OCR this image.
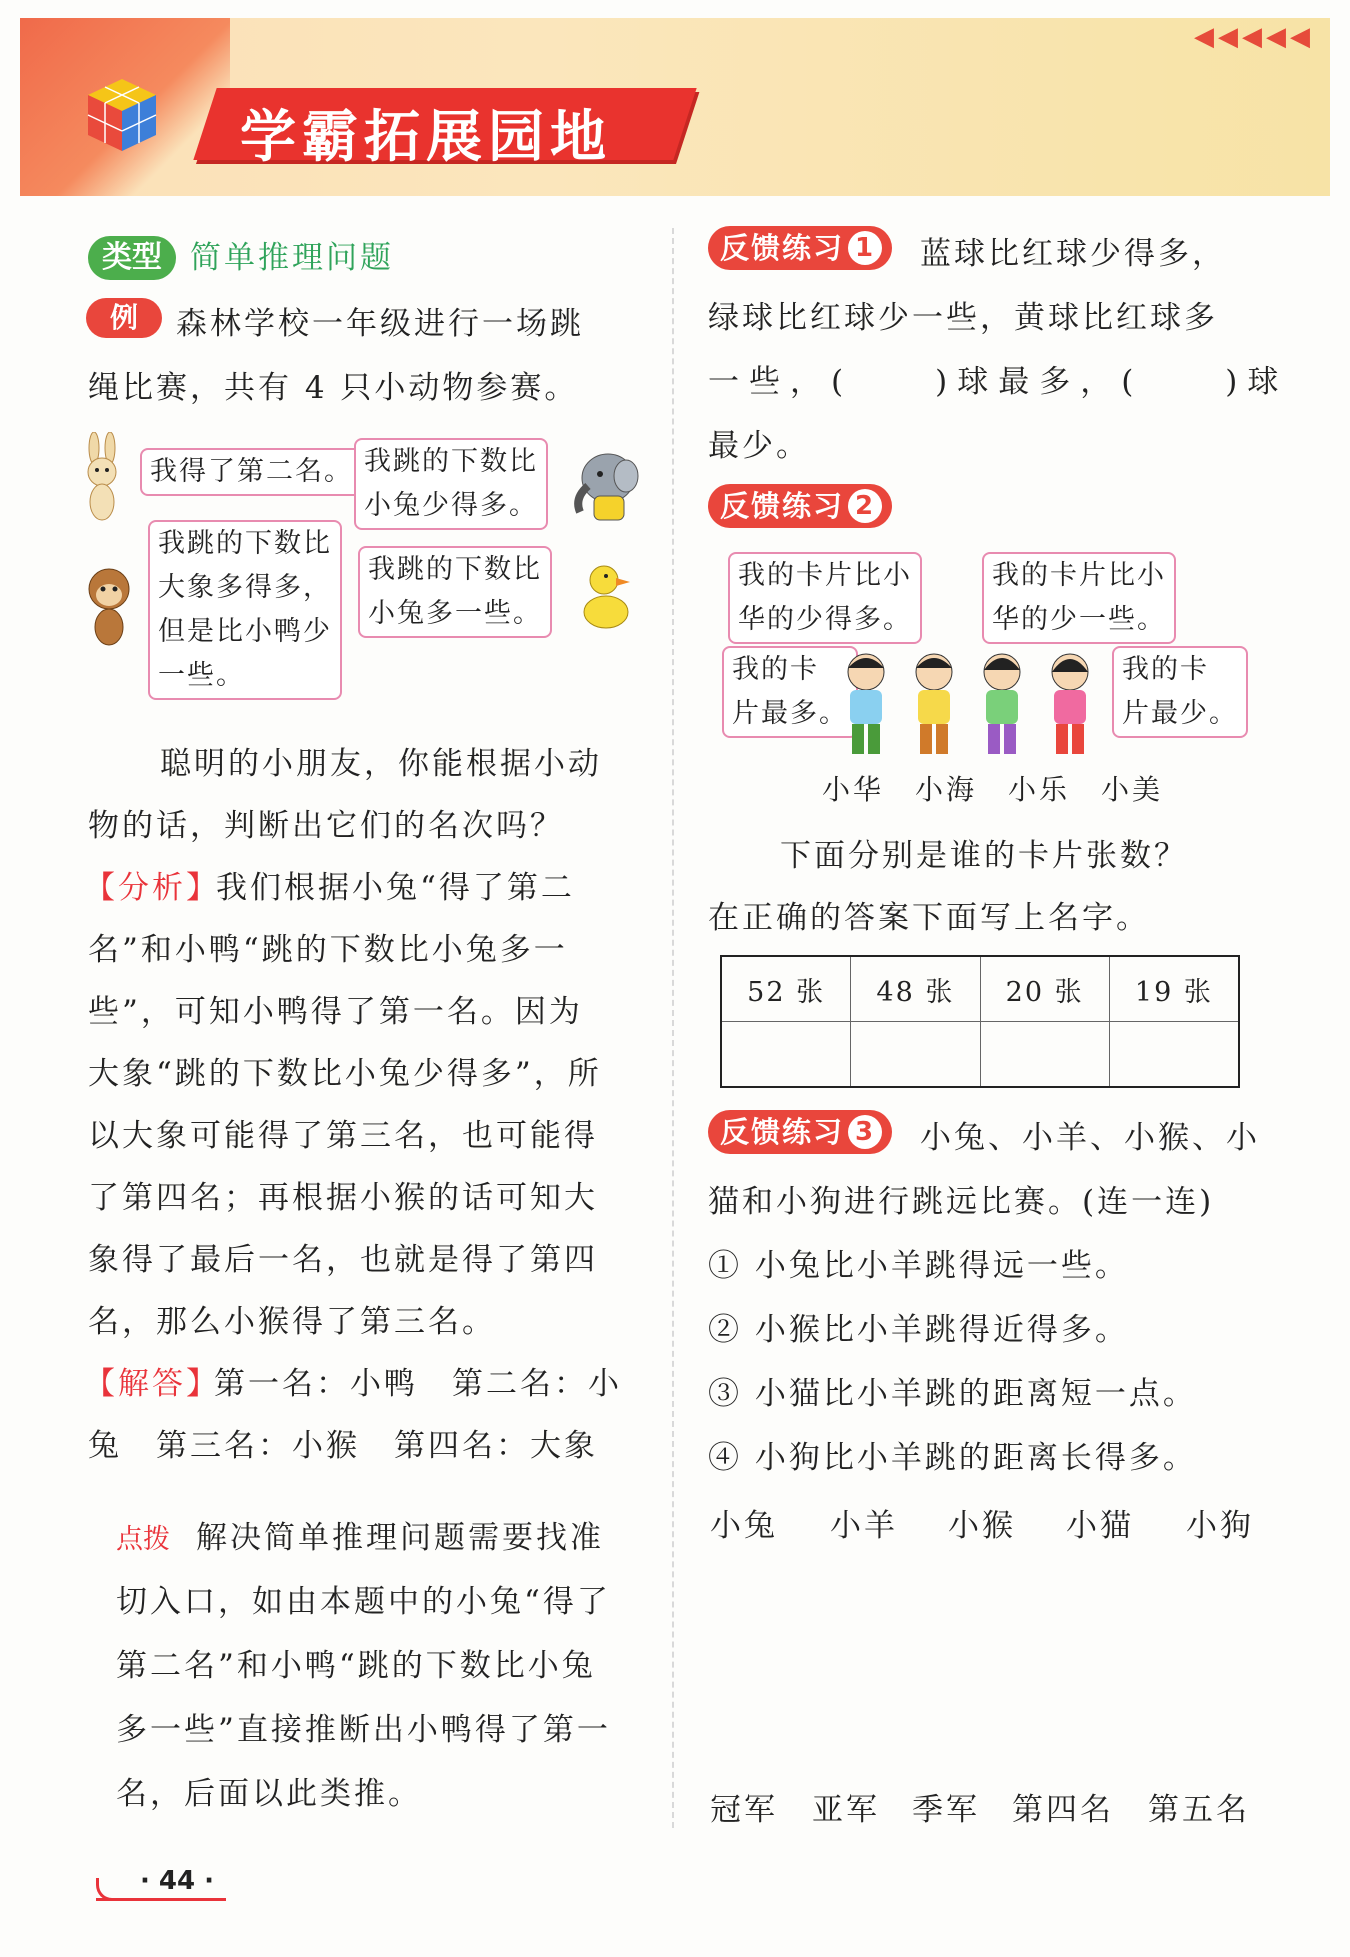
◀◀◀◀◀
学霸拓展园地
类型 简单推理问题
例	森林学校一年级进行一场跳
绳比赛，共有 4 只小动物参赛。
我得了第二名。 我跳的下数比
小兔少得多。
我跳的下数比
大象多得多，
但是比小鸭少
一些。
我跳的下数比
小兔多一些。
聪明的小朋友，你能根据小动
物的话，判断出它们的名次吗？
【分析】
我们根据小兔“得了第二
名”和小鸭“跳的下数比小兔多一
些”，可知小鸭得了第一名。因为
大象“跳的下数比小兔少得多”，所
以大象可能得了第三名，也可能得
了第四名；再根据小猴的话可知大
象得了最后一名，也就是得了第四
名，那么小猴得了第三名。
【解答】
第一名：小鸭　第二名：小
兔　第三名：小猴　第四名：大象
点拨 解决简单推理问题需要找准
切入口，如由本题中的小兔“得了
第二名”和小鸭“跳的下数比小兔
多一些”直接推断出小鸭得了第一
名，后面以此类推。
反馈练习 1	蓝球比红球少得多，
绿球比红球少一些，黄球比红球多
一些，(　　)球最多，(　　)球
最少。
反馈练习 2
我的卡片比小
华的少得多。
我的卡片比小
华的少一些。
我的卡
片最多。
我的卡
片最少。
小华　小海　小乐　小美
下面分别是谁的卡片张数？
在正确的答案下面写上名字。
52 张	48 张	20 张	19 张

反馈练习 3	小兔、小羊、小猴、小
猫和小狗进行跳远比赛。(连一连)
① 小兔比小羊跳得远一些。
② 小猴比小羊跳得近得多。
③ 小猫比小羊跳的距离短一点。
④ 小狗比小羊跳的距离长得多。
小兔 小羊 小猴 小猫 小狗
冠军 亚军 季军 第四名 第五名
· 44 ·
